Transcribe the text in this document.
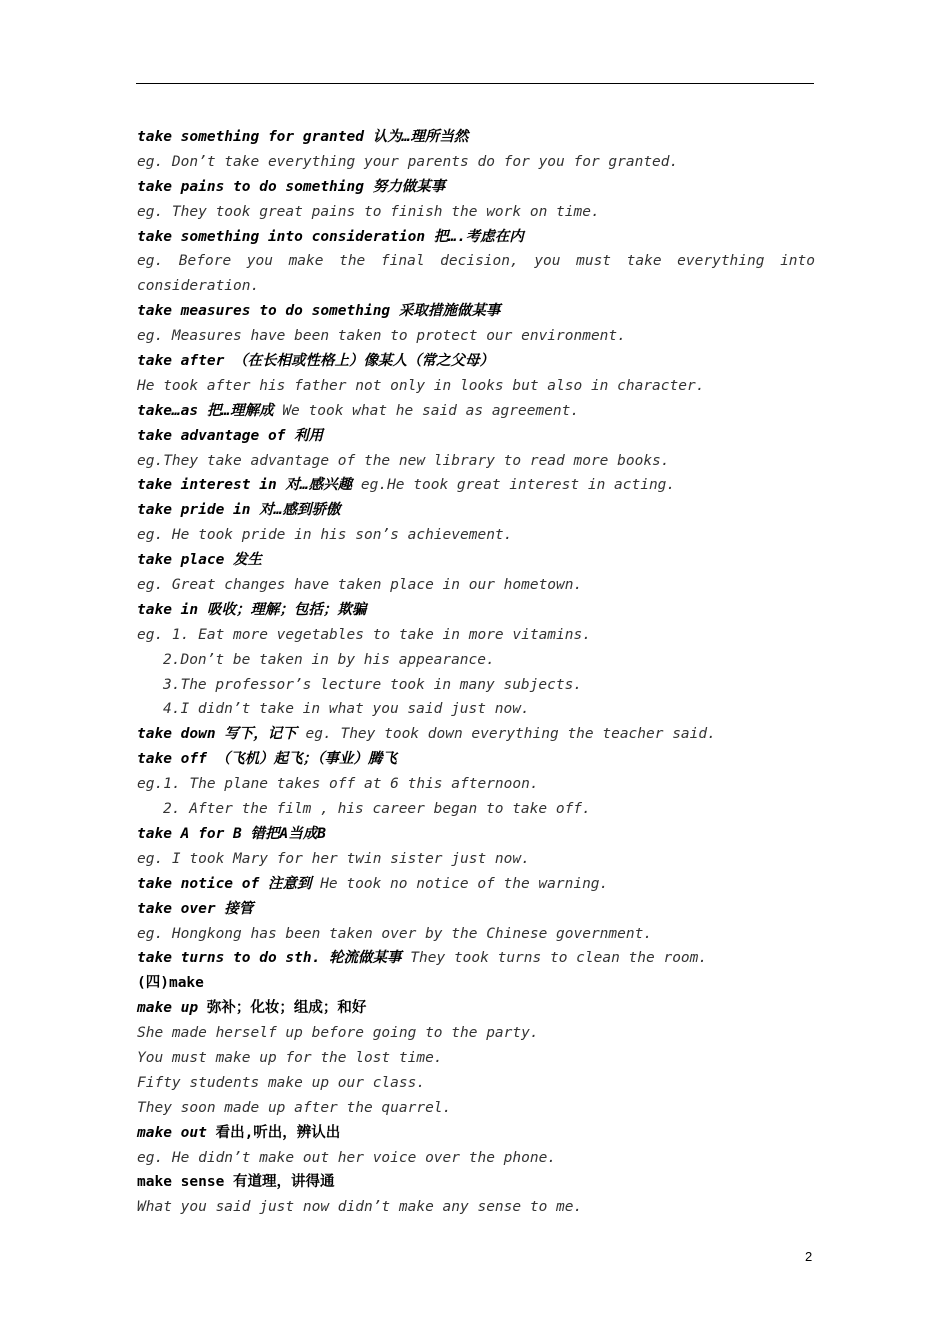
take something for granted 认为…理所当然
eg. Don’t take everything your parents do for you for granted.
take pains to do something 努力做某事
eg. They took great pains to finish the work on time.
take something into consideration 把….考虑在内
eg. Before you make the final decision, you must take everything into
consideration.
take measures to do something 采取措施做某事
eg. Measures have been taken to protect our environment.
take after （在长相或性格上）像某人（常之父母）
He took after his father not only in looks but also in character.
take…as 把…理解成 We took what he said as agreement.
take advantage of 利用
eg.They take advantage of the new library to read more books.
take interest in 对…感兴趣 eg.He took great interest in acting.
take pride in 对…感到骄傲
eg. He took pride in his son’s achievement.
take place 发生
eg. Great changes have taken place in our hometown.
take in 吸收；理解；包括；欺骗
eg. 1. Eat more vegetables to take in more vitamins.
2.Don’t be taken in by his appearance.
3.The professor’s lecture took in many subjects.
4.I didn’t take in what you said just now.
take down 写下，记下 eg. They took down everything the teacher said.
take off （飞机）起飞；（事业）腾飞
eg.1. The plane takes off at 6 this afternoon.
2. After the film , his career began to take off.
take A for B 错把A当成B
eg. I took Mary for her twin sister just now.
take notice of 注意到 He took no notice of the warning.
take over 接管
eg. Hongkong has been taken over by the Chinese government.
take turns to do sth. 轮流做某事 They took turns to clean the room.
(四)make
make up 弥补；化妆；组成；和好
She made herself up before going to the party.
You must make up for the lost time.
Fifty students make up our class.
They soon made up after the quarrel.
make out 看出,听出，辨认出
eg. He didn’t make out her voice over the phone.
make sense 有道理，讲得通
What you said just now didn’t make any sense to me.
2
